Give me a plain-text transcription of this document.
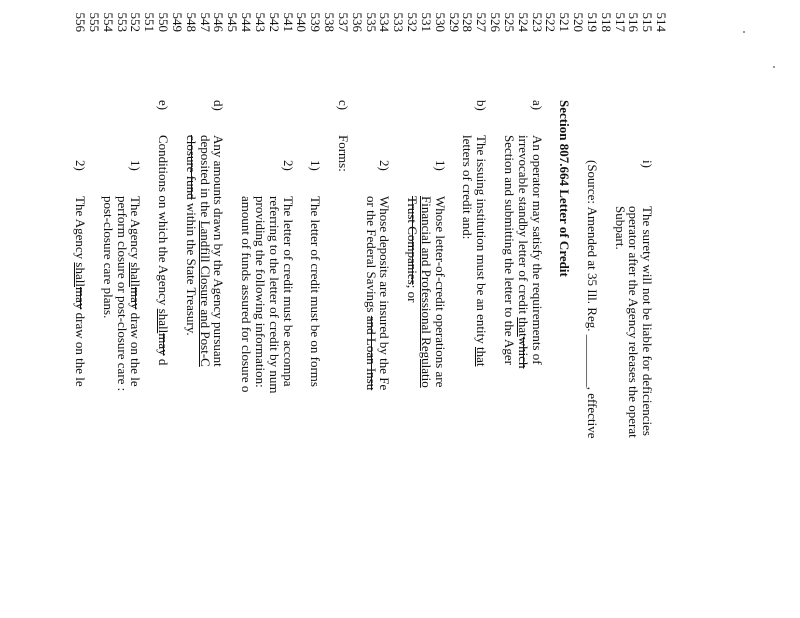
514
515
i)
The surety will not be liable for deficiencies
516
operator after the Agency releases the operat
517
Subpart.
518
519
(Source: Amended at 35 Ill. Reg. ________, effective
520
521
Section 807.664 Letter of Credit
522
523
a)
An operator may satisfy the requirements of
524
irrevocable standby letter of credit thatwhich
525
Section and submitting the letter to the Ager
526
527
b)
The issuing institution must be an entity that
528
letters of credit and:
529
530
1)
Whose letter-of-credit operations are
531
Financial and Professional Regulatio
532
Trust Companies; or
533
534
2)
Whose deposits are insured by the Fe
535
or the Federal Savings and Loan Insu
536
537
c)
Forms:
538
539
1)
The letter of credit must be on forms
540
541
2)
The letter of credit must be accompa
542
referring to the letter of credit by num
543
providing the following information:
544
amount of funds assured for closure o
545
546
d)
Any amounts drawn by the Agency pursuant
547
deposited in the Landfill Closure and Post-C
548
closure fund within the State Treasury.
549
550
e)
Conditions on which the Agency shallmay d
551
552
1)
The Agency shallmay draw on the le
553
perform closure or post-closure care :
554
post-closure care plans.
555
556
2)
The Agency shallmay draw on the le
